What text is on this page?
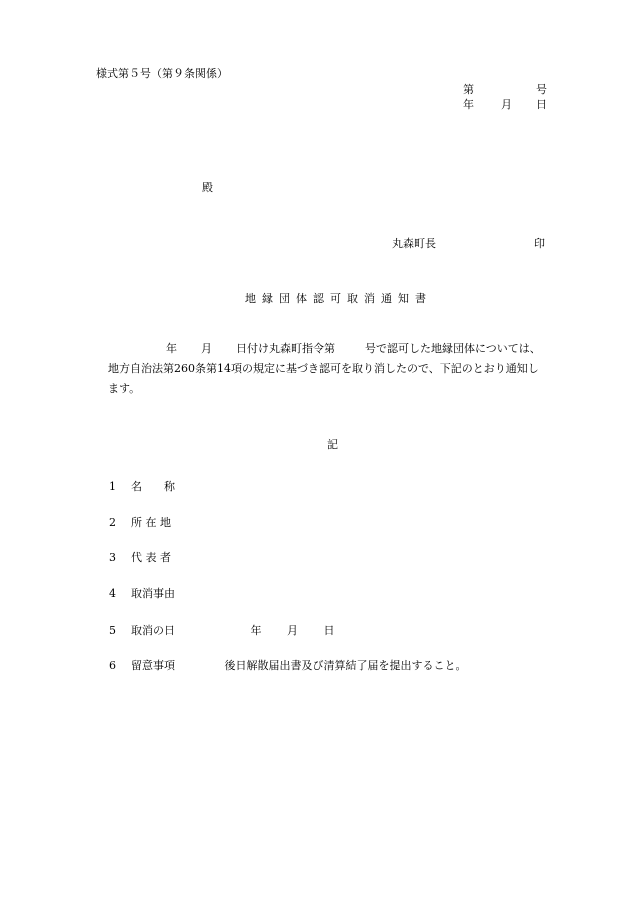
様式第５号（第９条関係）
第	号
年 月 日
殿
丸森町長	印
地 縁 団 体 認 可 取 消 通 知 書
年 月 日付け丸森町指令第	号で認可した地縁団体については、
地方自治法第260条第14項の規定に基づき認可を取り消したので、下記のとおり通知し
ます。
記
1 名　　称
2 所 在 地
3 代 表 者
4 取消事由
5 取消の日	年 月 日
6 留意事項	後日解散届出書及び清算結了届を提出すること。
